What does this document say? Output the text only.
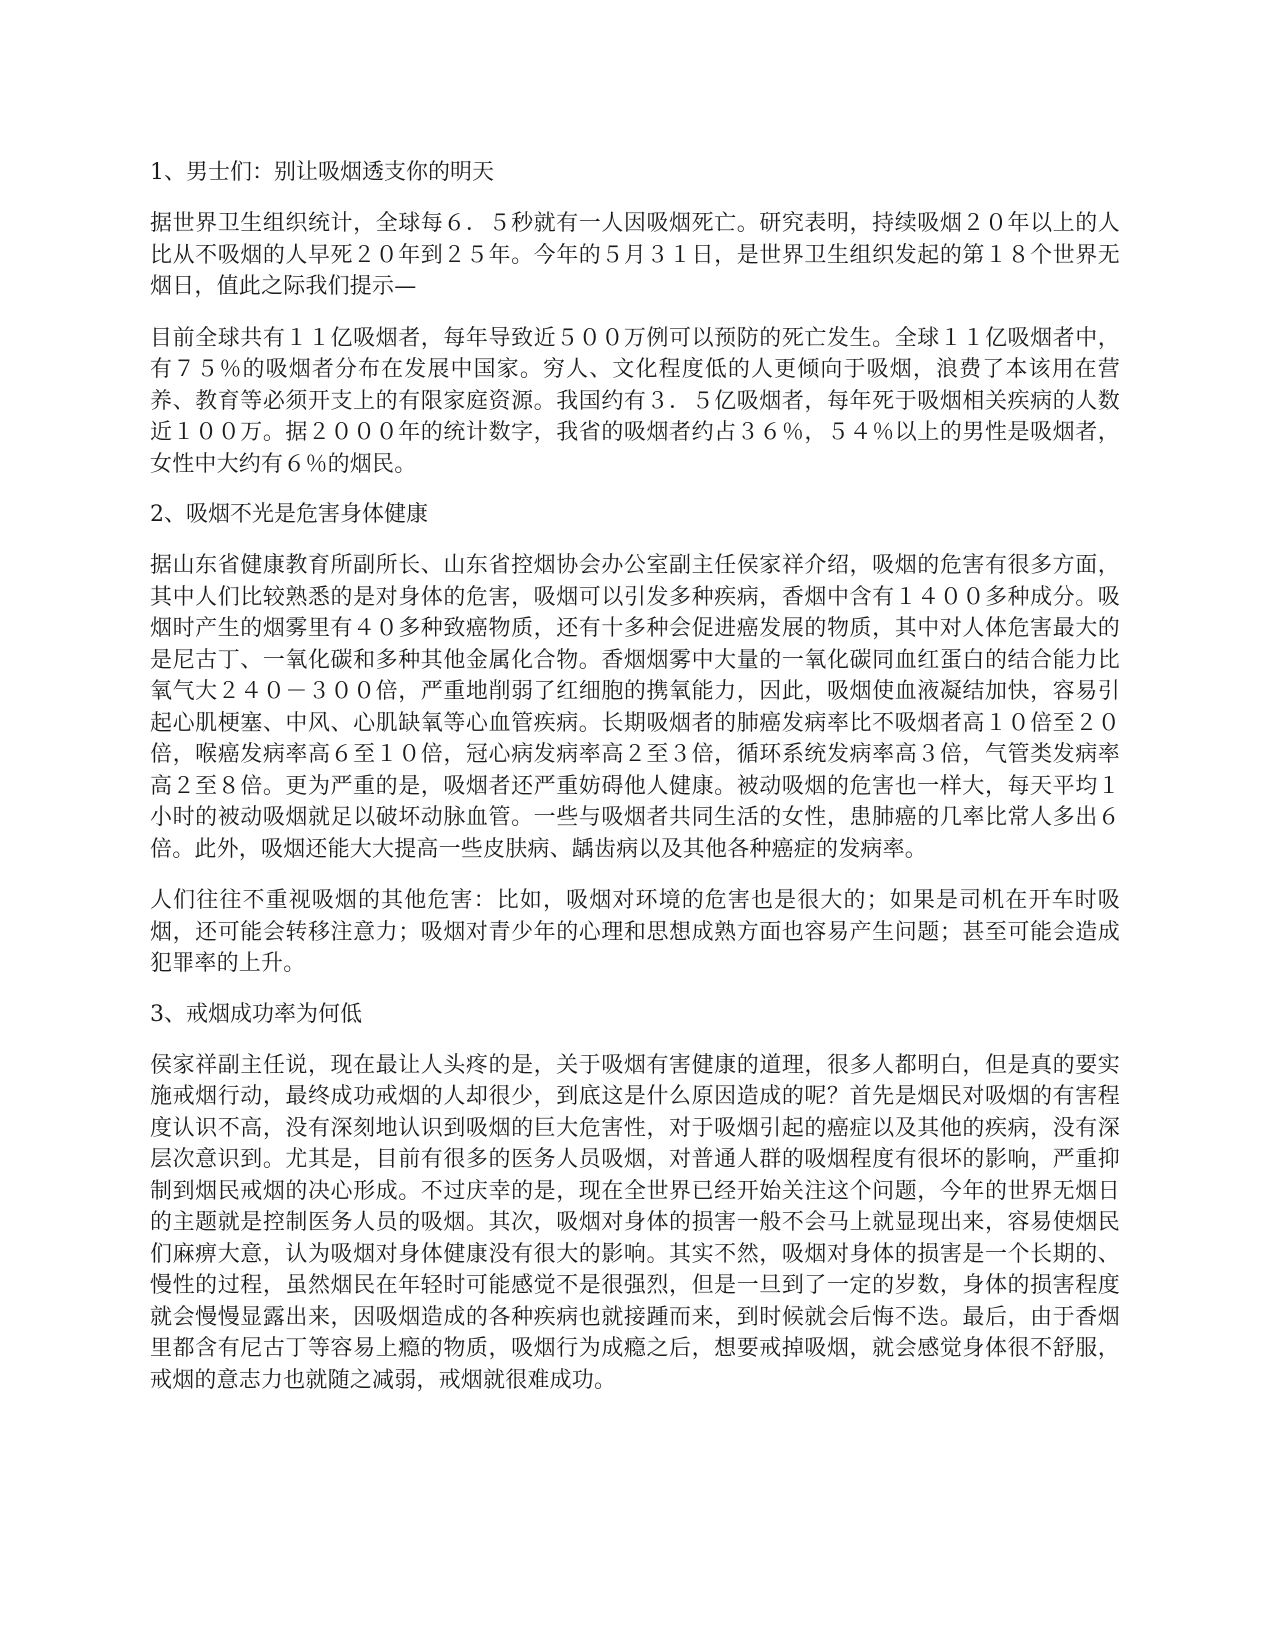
1、男士们：别让吸烟透支你的明天

据世界卫生组织统计，全球每６．５秒就有一人因吸烟死亡。研究表明，持续吸烟２０年以上的人比从不吸烟的人早死２０年到２５年。今年的５月３１日，是世界卫生组织发起的第１８个世界无烟日，值此之际我们提示—

目前全球共有１１亿吸烟者，每年导致近５００万例可以预防的死亡发生。全球１１亿吸烟者中，有７５％的吸烟者分布在发展中国家。穷人、文化程度低的人更倾向于吸烟，浪费了本该用在营养、教育等必须开支上的有限家庭资源。我国约有３．５亿吸烟者，每年死于吸烟相关疾病的人数近１００万。据２０００年的统计数字，我省的吸烟者约占３６％，５４％以上的男性是吸烟者，女性中大约有６％的烟民。

2、吸烟不光是危害身体健康

据山东省健康教育所副所长、山东省控烟协会办公室副主任侯家祥介绍，吸烟的危害有很多方面，其中人们比较熟悉的是对身体的危害，吸烟可以引发多种疾病，香烟中含有１４００多种成分。吸烟时产生的烟雾里有４０多种致癌物质，还有十多种会促进癌发展的物质，其中对人体危害最大的是尼古丁、一氧化碳和多种其他金属化合物。香烟烟雾中大量的一氧化碳同血红蛋白的结合能力比氧气大２４０－３００倍，严重地削弱了红细胞的携氧能力，因此，吸烟使血液凝结加快，容易引起心肌梗塞、中风、心肌缺氧等心血管疾病。长期吸烟者的肺癌发病率比不吸烟者高１０倍至２０倍，喉癌发病率高６至１０倍，冠心病发病率高２至３倍，循环系统发病率高３倍，气管类发病率高２至８倍。更为严重的是，吸烟者还严重妨碍他人健康。被动吸烟的危害也一样大，每天平均１小时的被动吸烟就足以破坏动脉血管。一些与吸烟者共同生活的女性，患肺癌的几率比常人多出６倍。此外，吸烟还能大大提高一些皮肤病、龋齿病以及其他各种癌症的发病率。

人们往往不重视吸烟的其他危害：比如，吸烟对环境的危害也是很大的；如果是司机在开车时吸烟，还可能会转移注意力；吸烟对青少年的心理和思想成熟方面也容易产生问题；甚至可能会造成犯罪率的上升。

3、戒烟成功率为何低

侯家祥副主任说，现在最让人头疼的是，关于吸烟有害健康的道理，很多人都明白，但是真的要实施戒烟行动，最终成功戒烟的人却很少，到底这是什么原因造成的呢？首先是烟民对吸烟的有害程度认识不高，没有深刻地认识到吸烟的巨大危害性，对于吸烟引起的癌症以及其他的疾病，没有深层次意识到。尤其是，目前有很多的医务人员吸烟，对普通人群的吸烟程度有很坏的影响，严重抑制到烟民戒烟的决心形成。不过庆幸的是，现在全世界已经开始关注这个问题，今年的世界无烟日的主题就是控制医务人员的吸烟。其次，吸烟对身体的损害一般不会马上就显现出来，容易使烟民们麻痹大意，认为吸烟对身体健康没有很大的影响。其实不然，吸烟对身体的损害是一个长期的、慢性的过程，虽然烟民在年轻时可能感觉不是很强烈，但是一旦到了一定的岁数，身体的损害程度就会慢慢显露出来，因吸烟造成的各种疾病也就接踵而来，到时候就会后悔不迭。最后，由于香烟里都含有尼古丁等容易上瘾的物质，吸烟行为成瘾之后，想要戒掉吸烟，就会感觉身体很不舒服，戒烟的意志力也就随之减弱，戒烟就很难成功。
